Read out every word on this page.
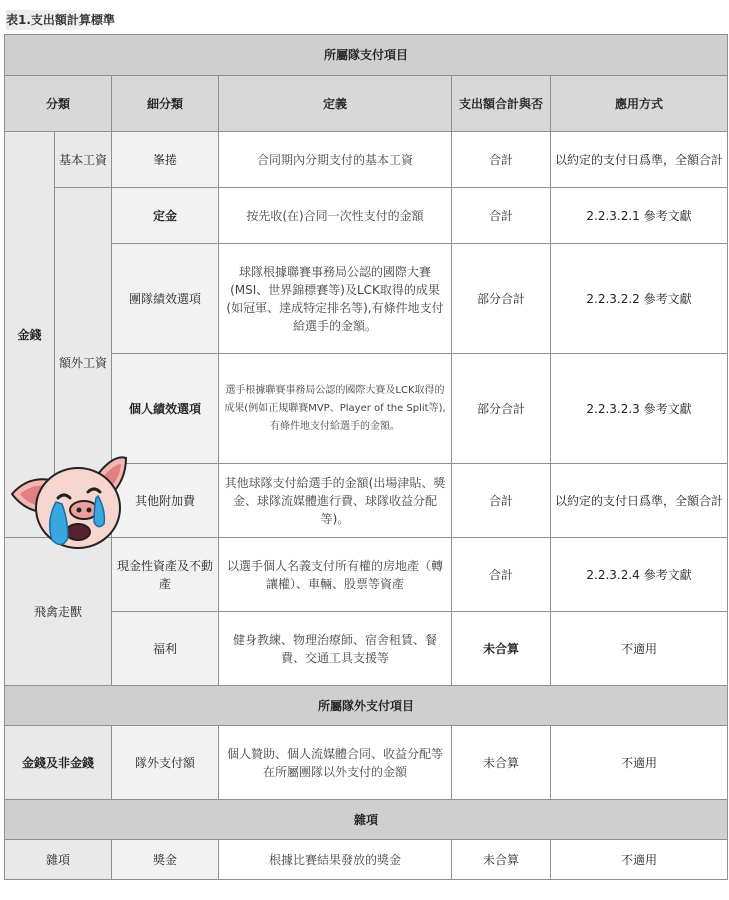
表1.支出額計算標準
所屬隊支付項目					
分類		細分類	定義	支出額合計與否	應用方式
金錢	基本工資	峯捲	合同期內分期支付的基本工資	合計	以約定的支付日爲準，全額合計
	額外工資	定金	按先收(在)合同一次性支付的金額	合計	2.2.3.2.1 參考文獻
		團隊績效選項	球隊根據聯賽事務局公認的國際大賽(MSI、世界錦標賽等)及LCK取得的成果(如冠軍、達成特定排名等),有條件地支付給選手的金額。	部分合計	2.2.3.2.2 參考文獻
		個人績效選項	選手根據聯賽事務局公認的國際大賽及LCK取得的成果(例如正規聯賽MVP、Player of the Split等),有條件地支付給選手的金額。	部分合計	2.2.3.2.3 參考文獻
		其他附加費	其他球隊支付給選手的金額(出場津貼、獎金、球隊流媒體進行費、球隊收益分配等)。	合計	以約定的支付日爲準，全額合計
飛禽走獸		現金性資產及不動產	以選手個人名義支付所有權的房地產（轉讓權）、車輛、股票等資產	合計	2.2.3.2.4 參考文獻
		福利	健身教練、物理治療師、宿舍租賃、餐費、交通工具支援等	未合算	不適用
所屬隊外支付項目					
金錢及非金錢		隊外支付額	個人贊助、個人流媒體合同、收益分配等在所屬團隊以外支付的金額	未合算	不適用
雜項					
雜項		獎金	根據比賽結果發放的獎金	未合算	不適用
